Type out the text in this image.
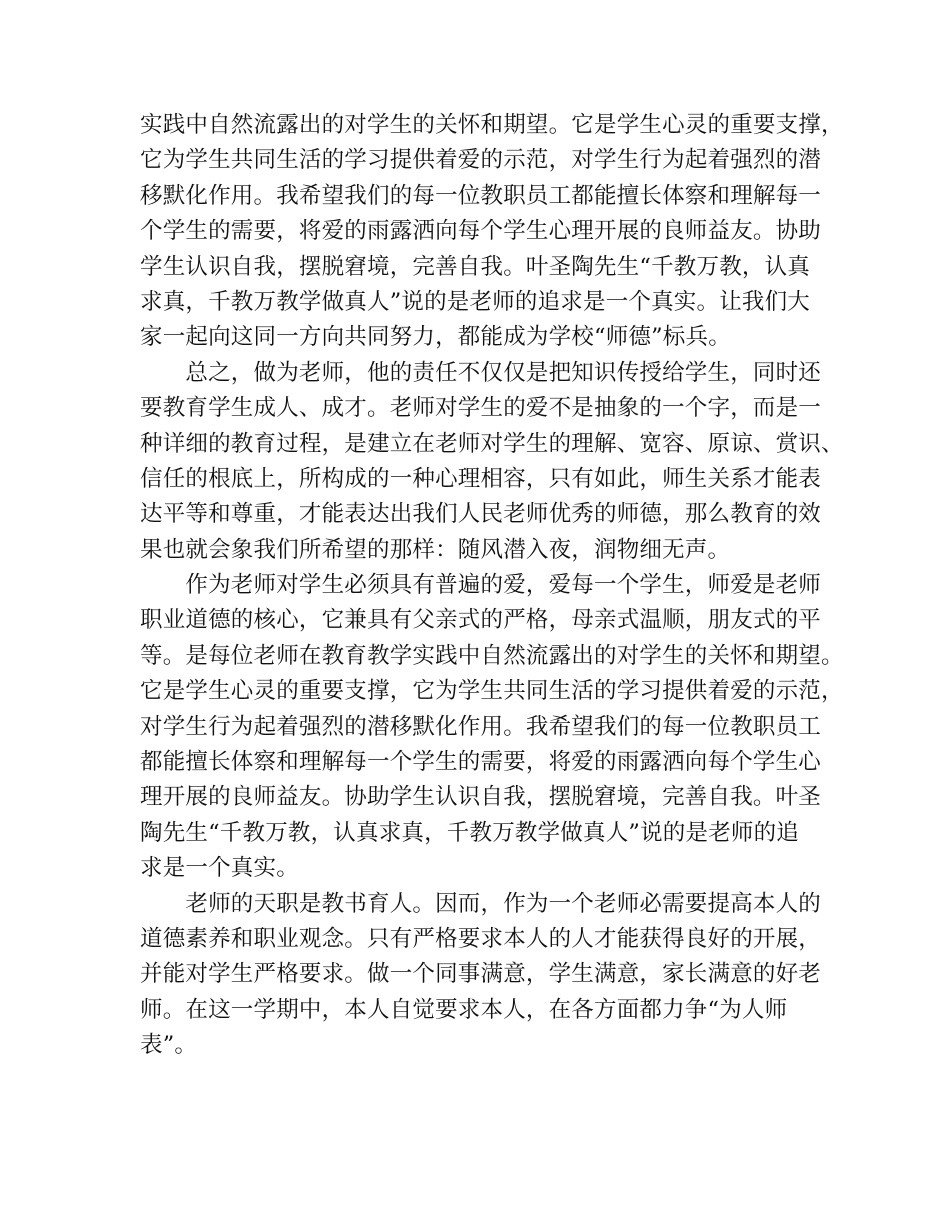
实践中自然流露出的对学生的关怀和期望。它是学生心灵的重要支撑，
它为学生共同生活的学习提供着爱的示范，对学生行为起着强烈的潜
移默化作用。我希望我们的每一位教职员工都能擅长体察和理解每一
个学生的需要，将爱的雨露洒向每个学生心理开展的良师益友。协助
学生认识自我，摆脱窘境，完善自我。叶圣陶先生“千教万教，认真
求真，千教万教学做真人”说的是老师的追求是一个真实。让我们大
家一起向这同一方向共同努力，都能成为学校“师德”标兵。
　　总之，做为老师，他的责任不仅仅是把知识传授给学生，同时还
要教育学生成人、成才。老师对学生的爱不是抽象的一个字，而是一
种详细的教育过程，是建立在老师对学生的理解、宽容、原谅、赏识、
信任的根底上，所构成的一种心理相容，只有如此，师生关系才能表
达平等和尊重，才能表达出我们人民老师优秀的师德，那么教育的效
果也就会象我们所希望的那样：随风潜入夜，润物细无声。
　　作为老师对学生必须具有普遍的爱，爱每一个学生，师爱是老师
职业道德的核心，它兼具有父亲式的严格，母亲式温顺，朋友式的平
等。是每位老师在教育教学实践中自然流露出的对学生的关怀和期望。
它是学生心灵的重要支撑，它为学生共同生活的学习提供着爱的示范，
对学生行为起着强烈的潜移默化作用。我希望我们的每一位教职员工
都能擅长体察和理解每一个学生的需要，将爱的雨露洒向每个学生心
理开展的良师益友。协助学生认识自我，摆脱窘境，完善自我。叶圣
陶先生“千教万教，认真求真，千教万教学做真人”说的是老师的追
求是一个真实。
　　老师的天职是教书育人。因而，作为一个老师必需要提高本人的
道德素养和职业观念。只有严格要求本人的人才能获得良好的开展，
并能对学生严格要求。做一个同事满意，学生满意，家长满意的好老
师。在这一学期中，本人自觉要求本人，在各方面都力争“为人师
表”。
